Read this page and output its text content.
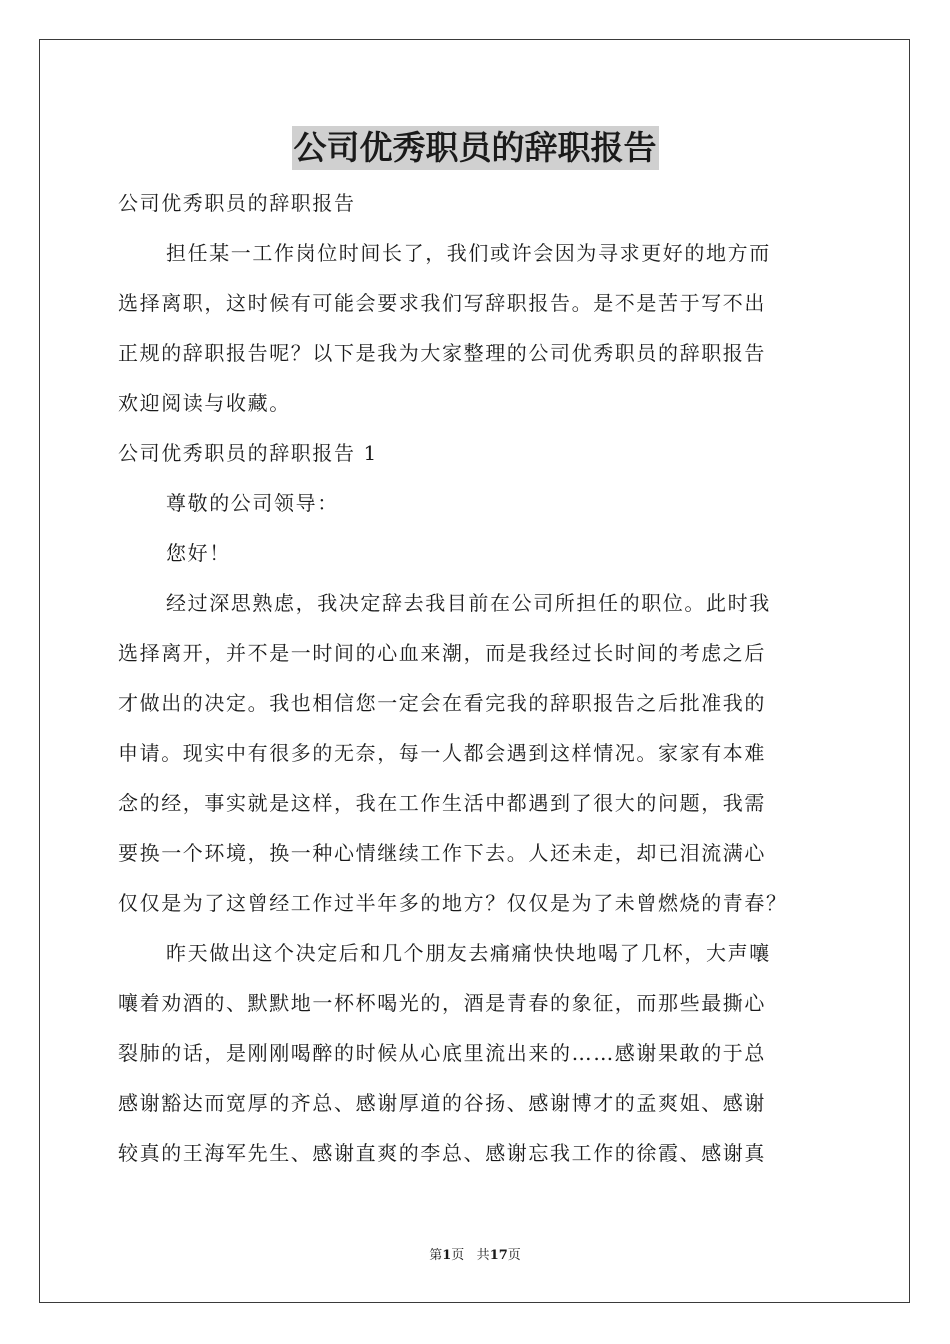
公司优秀职员的辞职报告
公司优秀职员的辞职报告
担任某一工作岗位时间长了，我们或许会因为寻求更好的地方而
选择离职，这时候有可能会要求我们写辞职报告。是不是苦于写不出
正规的辞职报告呢？以下是我为大家整理的公司优秀职员的辞职报告
欢迎阅读与收藏。
公司优秀职员的辞职报告 1
尊敬的公司领导：
您好！
经过深思熟虑，我决定辞去我目前在公司所担任的职位。此时我
选择离开，并不是一时间的心血来潮，而是我经过长时间的考虑之后
才做出的决定。我也相信您一定会在看完我的辞职报告之后批准我的
申请。现实中有很多的无奈，每一人都会遇到这样情况。家家有本难
念的经，事实就是这样，我在工作生活中都遇到了很大的问题，我需
要换一个环境，换一种心情继续工作下去。人还未走，却已泪流满心
仅仅是为了这曾经工作过半年多的地方？仅仅是为了未曾燃烧的青春？
昨天做出这个决定后和几个朋友去痛痛快快地喝了几杯，大声嚷
嚷着劝酒的、默默地一杯杯喝光的，酒是青春的象征，而那些最撕心
裂肺的话，是刚刚喝醉的时候从心底里流出来的……感谢果敢的于总
感谢豁达而宽厚的齐总、感谢厚道的谷扬、感谢博才的孟爽姐、感谢
较真的王海军先生、感谢直爽的李总、感谢忘我工作的徐霞、感谢真
第1页 共17页
